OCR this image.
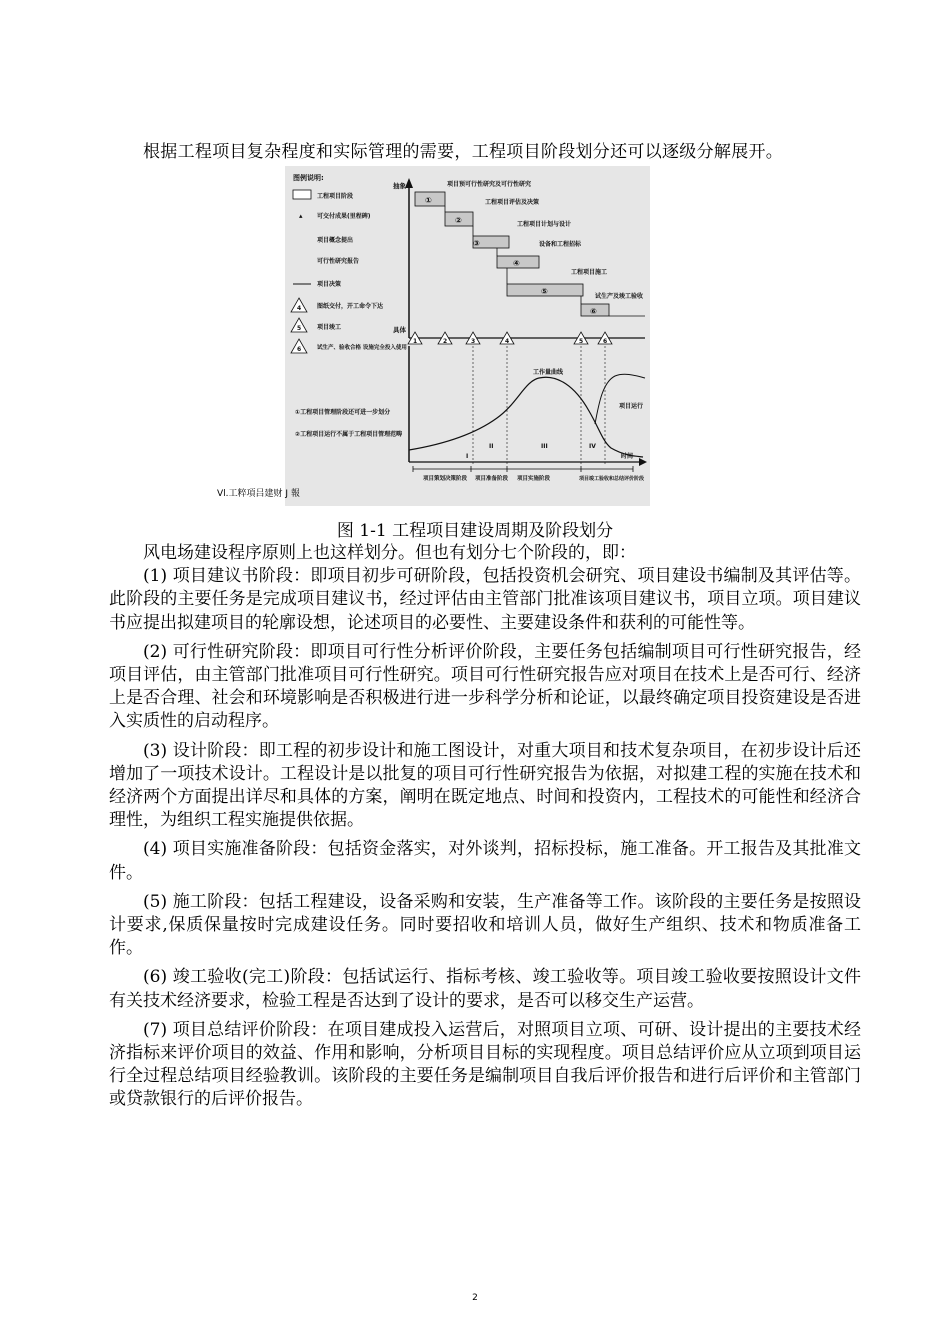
根据工程项目复杂程度和实际管理的需要，工程项目阶段划分还可以逐级分解展开。
图例说明:
工程项目阶段
▴ 可交付成果(里程碑)
项目概念提出
可行性研究报告
项目决策
4	图纸交付，开工命令下达
5	项目竣工
6	试生产、验收合格 设施完全投入使用
①工程项目管理阶段还可进一步划分
②工程项目运行不属于工程项目管理范畴
抽象
具体
①
项目预可行性研究及可行性研究
②
工程项目评估及决策
③
工程项目计划与设计
④
设备和工程招标
⑤
工程项目施工
⑥
试生产及竣工验收
1	2	3	4	5	6
时间
工作量曲线
项目运行
I
II	III	IV
项目策划决策阶段 项目准备阶段 项目实施阶段	项目竣工验收和总结评价阶段
Vl.工粹項吕建财 J 報
图 1-1 工程项目建设周期及阶段划分

风电场建设程序原则上也这样划分。但也有划分七个阶段的，即：

(1) 项目建议书阶段：即项目初步可研阶段，包括投资机会研究、项目建设书编制及其评估等。此阶段的主要任务是完成项目建议书，经过评估由主管部门批准该项目建议书，项目立项。项目建议书应提出拟建项目的轮廓设想，论述项目的必要性、主要建设条件和获利的可能性等。

(2) 可行性研究阶段：即项目可行性分析评价阶段，主要任务包括编制项目可行性研究报告，经项目评估，由主管部门批准项目可行性研究。项目可行性研究报告应对项目在技术上是否可行、经济上是否合理、社会和环境影响是否积极进行进一步科学分析和论证，以最终确定项目投资建设是否进入实质性的启动程序。

(3) 设计阶段：即工程的初步设计和施工图设计，对重大项目和技术复杂项目，在初步设计后还增加了一项技术设计。工程设计是以批复的项目可行性研究报告为依据，对拟建工程的实施在技术和经济两个方面提出详尽和具体的方案，阐明在既定地点、时间和投资内，工程技术的可能性和经济合理性，为组织工程实施提供依据。

(4) 项目实施准备阶段：包括资金落实，对外谈判，招标投标，施工准备。开工报告及其批准文件。

(5) 施工阶段：包括工程建设，设备采购和安装，生产准备等工作。该阶段的主要任务是按照设计要求,保质保量按时完成建设任务。同时要招收和培训人员，做好生产组织、技术和物质准备工作。

(6) 竣工验收(完工)阶段：包括试运行、指标考核、竣工验收等。项目竣工验收要按照设计文件有关技术经济要求，检验工程是否达到了设计的要求，是否可以移交生产运营。

(7) 项目总结评价阶段：在项目建成投入运营后，对照项目立项、可研、设计提出的主要技术经济指标来评价项目的效益、作用和影响，分析项目目标的实现程度。项目总结评价应从立项到项目运行全过程总结项目经验教训。该阶段的主要任务是编制项目自我后评价报告和进行后评价和主管部门或贷款银行的后评价报告。

2
